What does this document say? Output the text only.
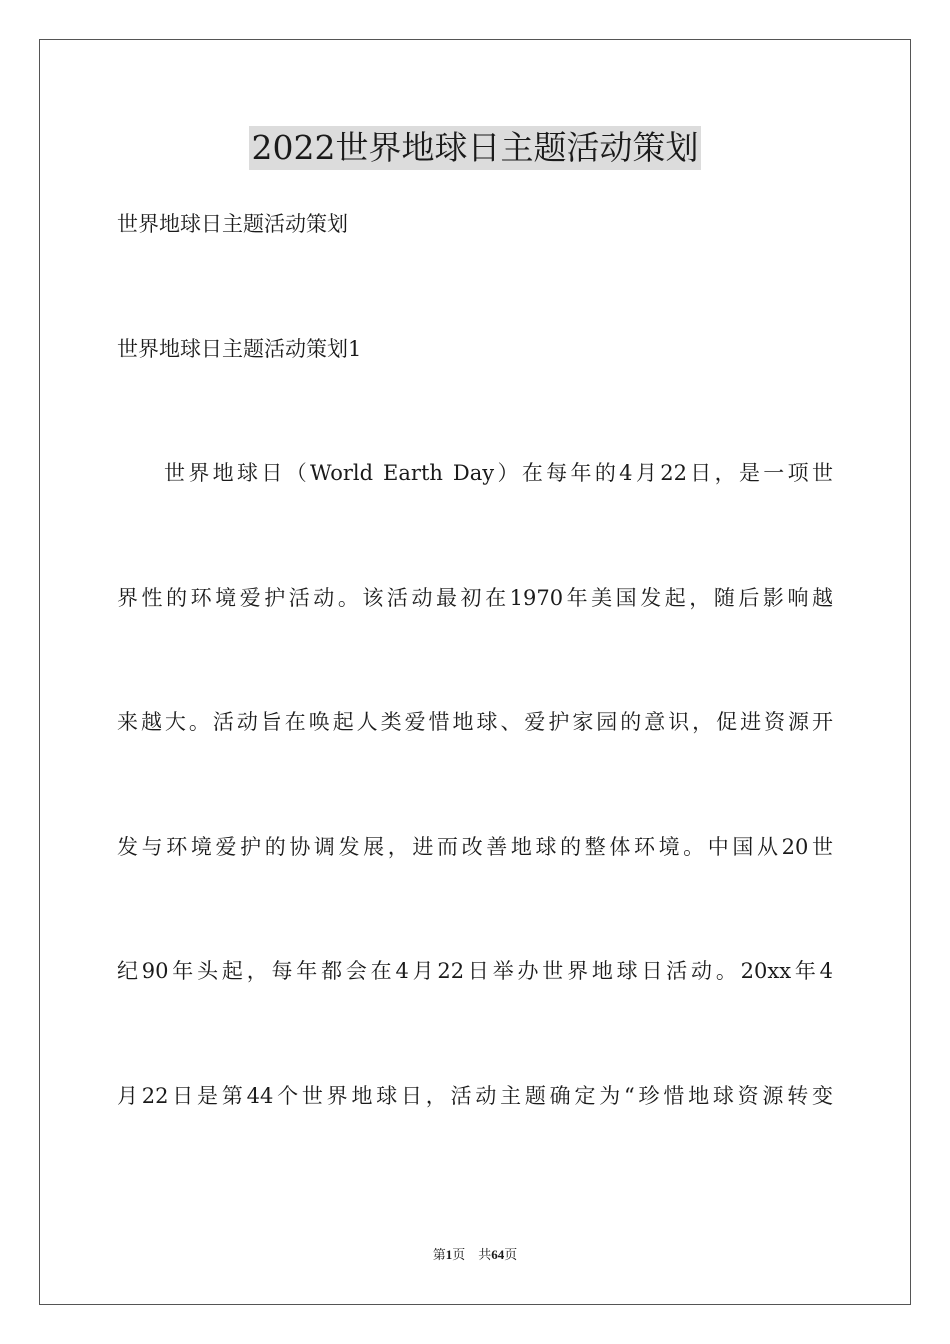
2022世界地球日主题活动策划
世界地球日主题活动策划
世界地球日主题活动策划1
世界地球日（World Earth Day）在每年的4月22日，是一项世
界性的环境爱护活动。该活动最初在1970年美国发起，随后影响越
来越大。活动旨在唤起人类爱惜地球、爱护家园的意识，促进资源开
发与环境爱护的协调发展，进而改善地球的整体环境。中国从20世
纪90年头起，每年都会在4月22日举办世界地球日活动。20xx年4
月22日是第44个世界地球日，活动主题确定为“珍惜地球资源转变
第1页 共64页
